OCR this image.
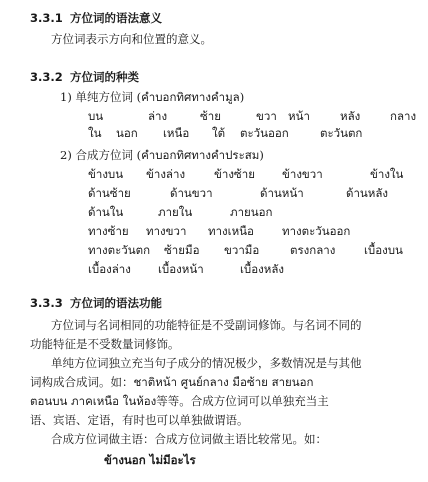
3.3.1 方位词的语法意义
方位词表示方向和位置的意义。
3.3.2 方位词的种类
1) 单纯方位词 (คำบอกทิศทางคำมูล)
บน	ล่าง	ซ้าย	ขวา หน้า	หลัง	กลาง
ใน นอก เหนือ ใต้ ตะวันออก	ตะวันตก
2) 合成方位词 (คำบอกทิศทางคำประสม)
ข้างบน ข้างล่าง	ข้างซ้าย ข้างขวา	ข้างใน
ด้านซ้าย	ด้านขวา	ด้านหน้า	ด้านหลัง
ด้านใน	ภายใน	ภายนอก
ทางซ้าย ทางขวา ทางเหนือ ทางตะวันออก
ทางตะวันตก ซ้ายมือ ขวามือ	ตรงกลาง เบื้องบน
เบื้องล่าง เบื้องหน้า	เบื้องหลัง
3.3.3 方位词的语法功能
方位词与名词相同的功能特征是不受副词修饰。与名词不同的
功能特征是不受数量词修饰。
单纯方位词独立充当句子成分的情况极少，多数情况是与其他
词构成合成词。如：ชาติหน้า ศูนย์กลาง มือซ้าย สายนอก
ตอนบน ภาคเหนือ ในห้อง等等。合成方位词可以单独充当主
语、宾语、定语，有时也可以单独做谓语。
合成方位词做主语：合成方位词做主语比较常见。如：
ข้างนอก ไม่มีอะไร
